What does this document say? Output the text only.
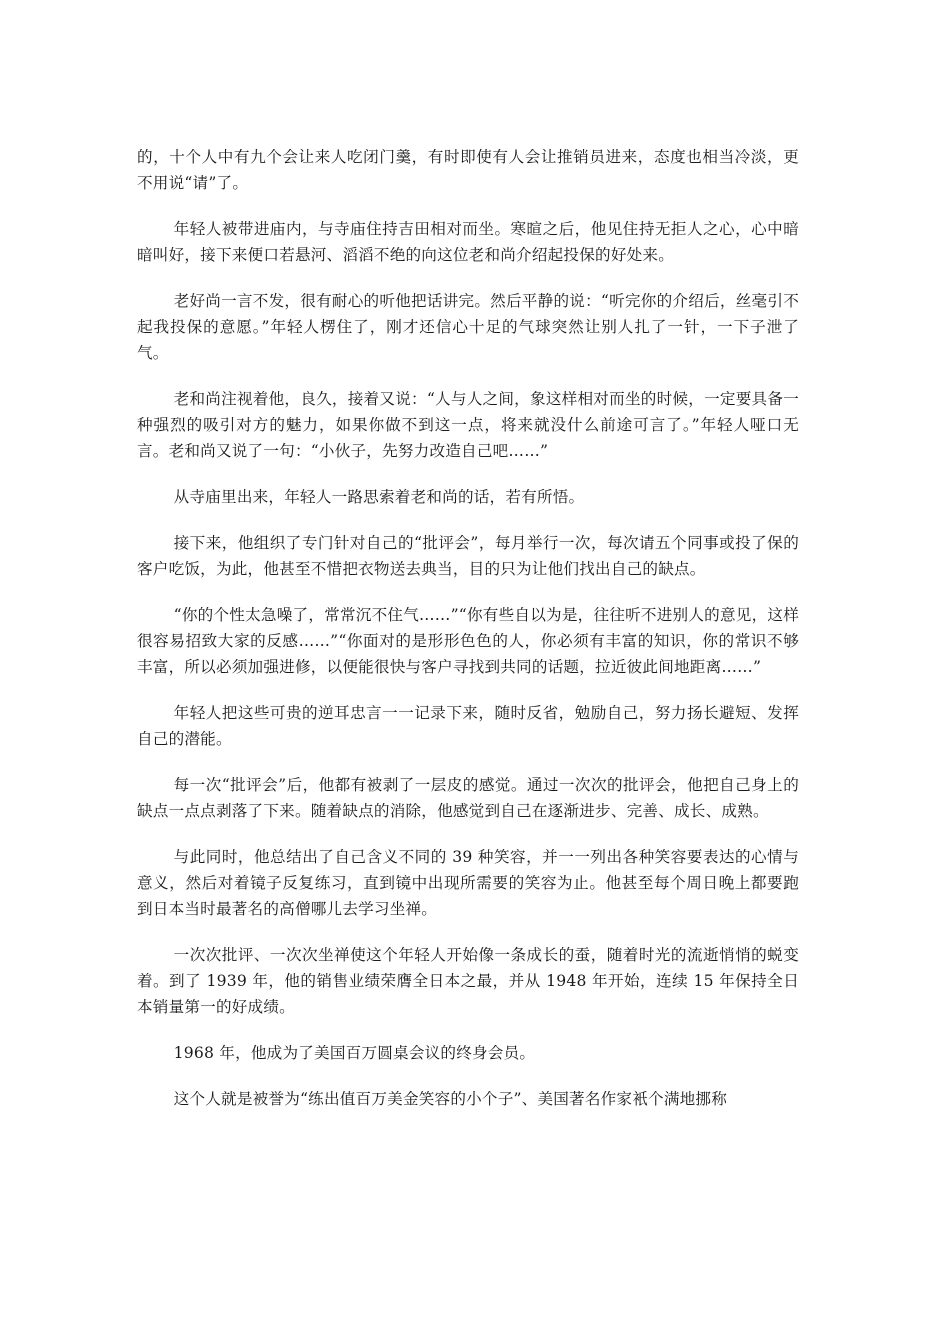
的，十个人中有九个会让来人吃闭门羹，有时即使有人会让推销员进来，态度也相当冷淡，更不用说“请”了。

年轻人被带进庙内，与寺庙住持吉田相对而坐。寒暄之后，他见住持无拒人之心，心中暗暗叫好，接下来便口若悬河、滔滔不绝的向这位老和尚介绍起投保的好处来。

老好尚一言不发，很有耐心的听他把话讲完。然后平静的说：“听完你的介绍后，丝毫引不起我投保的意愿。”年轻人楞住了，刚才还信心十足的气球突然让别人扎了一针，一下子泄了气。

老和尚注视着他，良久，接着又说：“人与人之间，象这样相对而坐的时候，一定要具备一种强烈的吸引对方的魅力，如果你做不到这一点，将来就没什么前途可言了。”年轻人哑口无言。老和尚又说了一句：“小伙子，先努力改造自己吧……”

从寺庙里出来，年轻人一路思索着老和尚的话，若有所悟。

接下来，他组织了专门针对自己的“批评会”，每月举行一次，每次请五个同事或投了保的客户吃饭，为此，他甚至不惜把衣物送去典当，目的只为让他们找出自己的缺点。

“你的个性太急噪了，常常沉不住气……”“你有些自以为是，往往听不进别人的意见，这样很容易招致大家的反感……”“你面对的是形形色色的人，你必须有丰富的知识，你的常识不够丰富，所以必须加强进修，以便能很快与客户寻找到共同的话题，拉近彼此间地距离……”

年轻人把这些可贵的逆耳忠言一一记录下来，随时反省，勉励自己，努力扬长避短、发挥自己的潜能。

每一次“批评会”后，他都有被剥了一层皮的感觉。通过一次次的批评会，他把自己身上的缺点一点点剥落了下来。随着缺点的消除，他感觉到自己在逐渐进步、完善、成长、成熟。

与此同时，他总结出了自己含义不同的 39 种笑容，并一一列出各种笑容要表达的心情与意义，然后对着镜子反复练习，直到镜中出现所需要的笑容为止。他甚至每个周日晚上都要跑到日本当时最著名的高僧哪儿去学习坐禅。

一次次批评、一次次坐禅使这个年轻人开始像一条成长的蚕，随着时光的流逝悄悄的蜕变着。到了 1939 年，他的销售业绩荣膺全日本之最，并从 1948 年开始，连续 15 年保持全日本销量第一的好成绩。

1968 年，他成为了美国百万圆桌会议的终身会员。

这个人就是被誉为“练出值百万美金笑容的小个子”、美国著名作家衹个满地挪称
